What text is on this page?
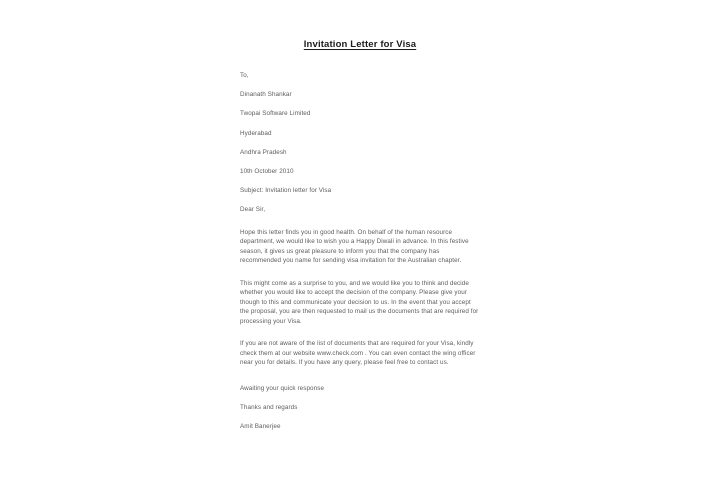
Invitation Letter for Visa

To,

Dinanath Shankar

Twopai Software Limited

Hyderabad

Andhra Pradesh

10th October 2010

Subject: Invitation letter for Visa

Dear Sir,

Hope this letter finds you in good health. On behalf of the human resource department, we would like to wish you a Happy Diwali in advance. In this festive season, it gives us great pleasure to inform you that the company has recommended you name for sending visa invitation for the Australian chapter.

This might come as a surprise to you, and we would like you to think and decide whether you would like to accept the decision of the company. Please give your though to this and communicate your decision to us. In the event that you accept the proposal, you are then requested to mail us the documents that are required for processing your Visa.

If you are not aware of the list of documents that are required for your Visa, kindly check them at our website www.check.com . You can even contact the wing officer near you for details. If you have any query, please feel free to contact us.

Awaiting your quick response

Thanks and regards

Amit Banerjee
